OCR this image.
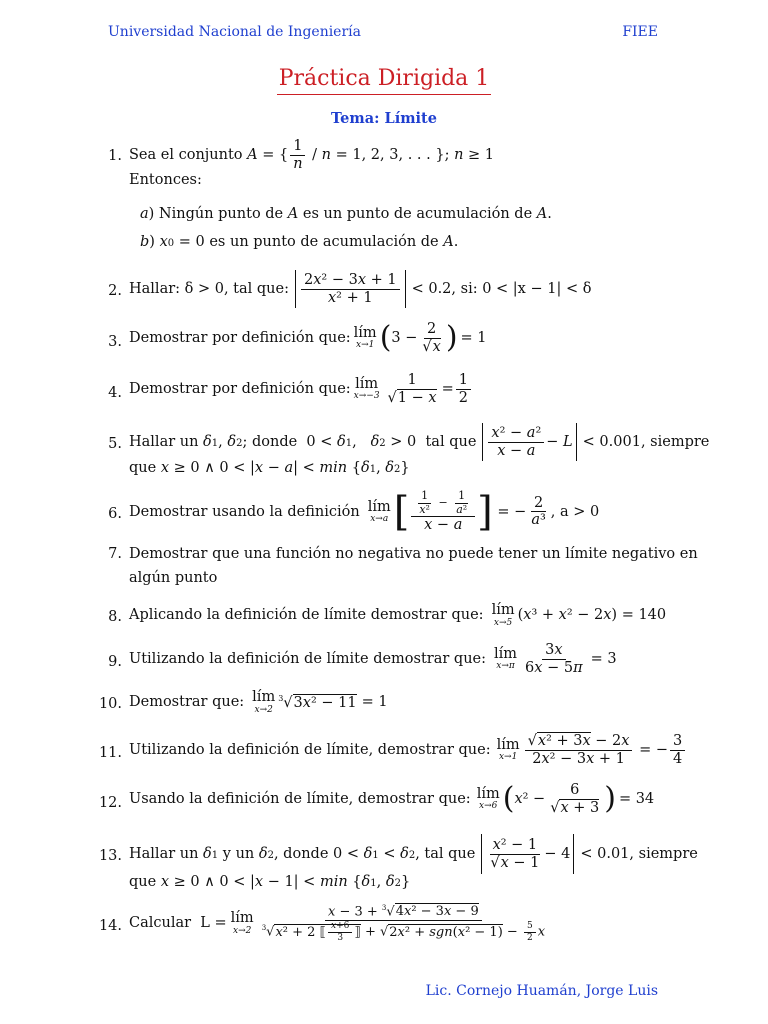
Universidad Nacional de Ingeniería	FIEE
Práctica Dirigida 1
Tema: Límite
1. Sea el conjunto A = { $\frac{1}{n} / n = 1$, 2, 3, . . . }; n ≥ 1
Entonces:
a) Ningún punto de A es un punto de acumulación de A.
b) x0 = 0 es un punto de acumulación de A.
2. Hallar: δ > 0, tal que: $\frac{\text{2x² − 3x + 1}}{\text{x² + 1}} < 0.2$, si: 0 < |x − 1| < δ
3. Demostrar por definición que: lím
x→1 ( $3 - \frac{2}{√x}$ ) = 1
4. Demostrar por definición que: lím
$x\to-3 \frac{1}{√1 - x} = \frac{1}{2}$
5. Hallar un δ1, δ2; donde  0 < δ1,   δ2 > 0  tal que $\frac{\text{x² − a²}}{x - a} - L < 0.001$, siempre
que x ≥ 0 ∧ 0 < |x − a| < min {δ1, δ2}
6. Demostrar usando la definición lím
x→a [ $\frac{\frac{1}{\text{x²}} - \frac{1}{\text{a²}}}{x - a}$ ] = − $\frac{2}{\text{a³}}$ , a > 0
7. Demostrar que una función no negativa no puede tener un límite negativo en
algún punto
8. Aplicando la definición de límite demostrar que: lím
x→5 (x³ + x² − 2x) = 140
9. Utilizando la definición de límite demostrar que: lím
$x\to\pi \frac{3x}{6x - 5\pi} = 3$
10. Demostrar que: lím
x→2
$^3$√3x² − 11 = 1
11. Utilizando la definición de límite, demostrar que: lím
$x\to 1 \frac{\text{√x² + 3x − 2x}}{\text{2x² − 3x + 1}}$ = − $\frac{3}{4}$
12. Usando la definición de límite, demostrar que: lím
x→6 ( x $^2 - \frac{6}{√x + 3}$ ) = 34
13. Hallar un δ1 y un δ2, donde 0 < δ1 < δ2, tal que $\frac{\text{x² − 1}}{√x - 1} - 4 < 0.01$, siempre
que x ≥ 0 ∧ 0 < |x − 1| < min {δ1, δ2}
14. Calcular  L = lím
$x\to 2 \frac{x - 3 + ^3√4x^2 - 3x - 9}{^3√x^2 + 2 ⟦ \frac{x+6}{3} ⟧ + √2x^2 + sgn(x^2 - 1) - \frac{5}{2} x}$
Lic. Cornejo Huamán, Jorge Luis
